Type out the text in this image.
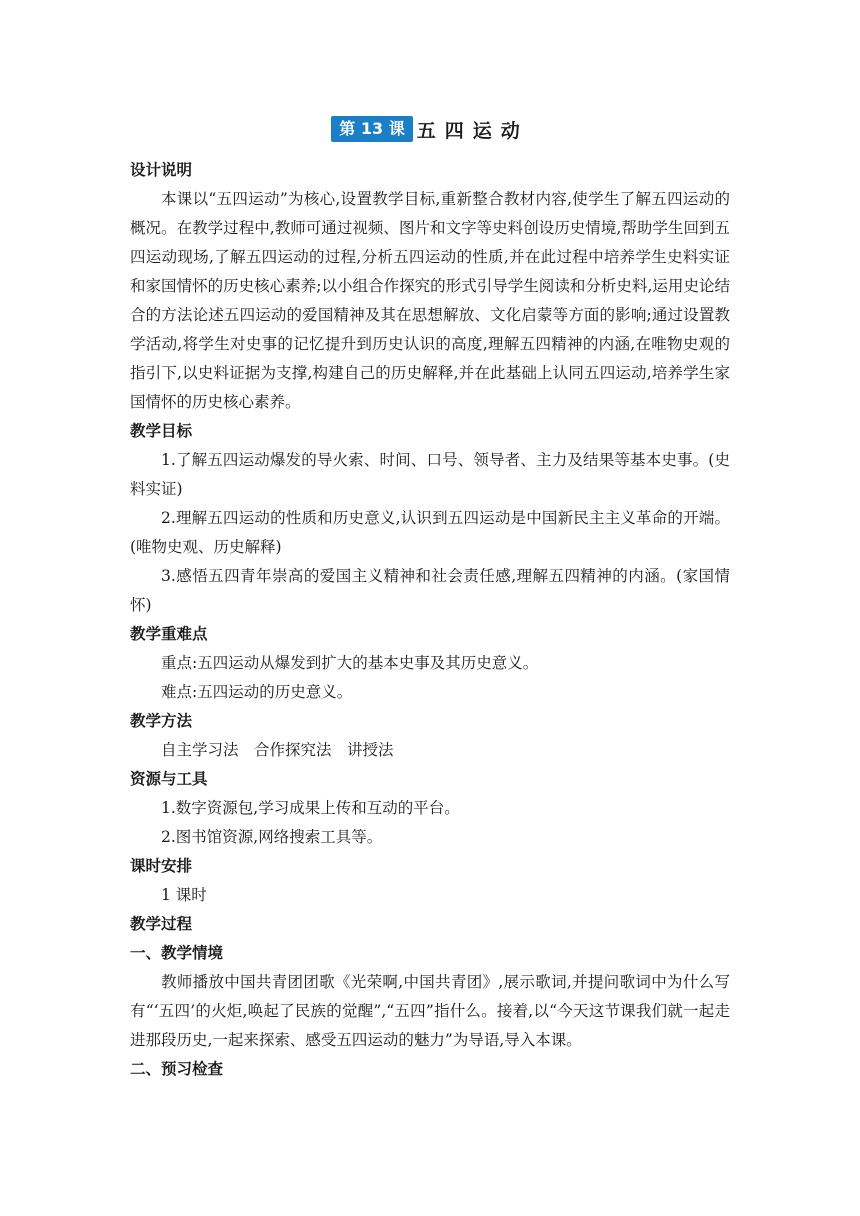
第 13 课 五四运动
设计说明

本课以“五四运动”为核心,设置教学目标,重新整合教材内容,使学生了解五四运动的概况。在教学过程中,教师可通过视频、图片和文字等史料创设历史情境,帮助学生回到五四运动现场,了解五四运动的过程,分析五四运动的性质,并在此过程中培养学生史料实证和家国情怀的历史核心素养;以小组合作探究的形式引导学生阅读和分析史料,运用史论结合的方法论述五四运动的爱国精神及其在思想解放、文化启蒙等方面的影响;通过设置教学活动,将学生对史事的记忆提升到历史认识的高度,理解五四精神的内涵,在唯物史观的指引下,以史料证据为支撑,构建自己的历史解释,并在此基础上认同五四运动,培养学生家国情怀的历史核心素养。

教学目标

1.了解五四运动爆发的导火索、时间、口号、领导者、主力及结果等基本史事。(史料实证)

2.理解五四运动的性质和历史意义,认识到五四运动是中国新民主主义革命的开端。(唯物史观、历史解释)

3.感悟五四青年崇高的爱国主义精神和社会责任感,理解五四精神的内涵。(家国情怀)

教学重难点

重点:五四运动从爆发到扩大的基本史事及其历史意义。

难点:五四运动的历史意义。

教学方法

自主学习法　合作探究法　讲授法

资源与工具

1.数字资源包,学习成果上传和互动的平台。

2.图书馆资源,网络搜索工具等。

课时安排

1 课时

教学过程
一、教学情境

教师播放中国共青团团歌《光荣啊,中国共青团》,展示歌词,并提问歌词中为什么写有“‘五四’的火炬,唤起了民族的觉醒”,“五四”指什么。接着,以“今天这节课我们就一起走进那段历史,一起来探索、感受五四运动的魅力”为导语,导入本课。

二、预习检查
